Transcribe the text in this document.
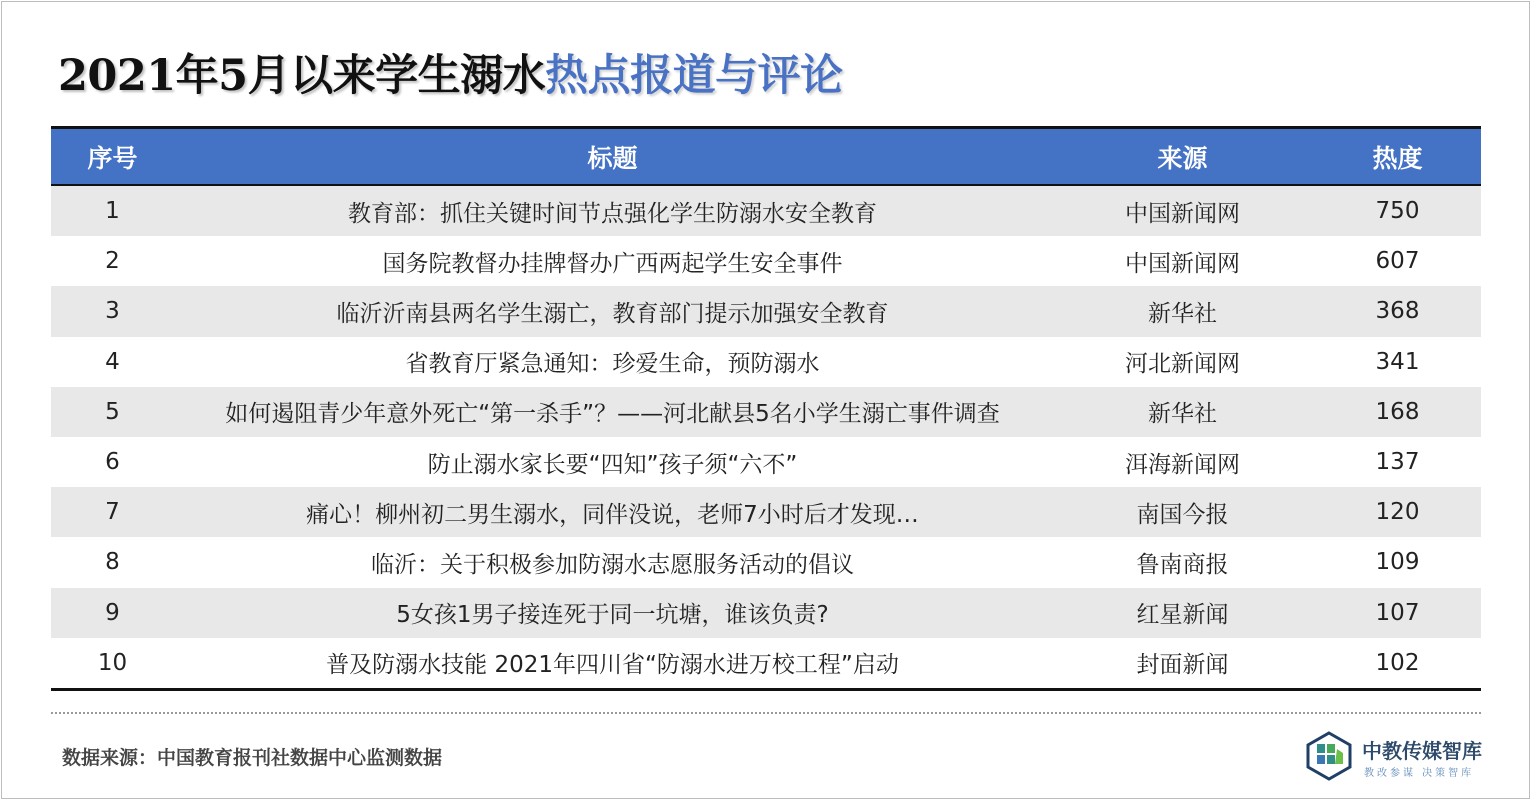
2021年5月以来学生溺水热点报道与评论
序号	标题	来源	热度
1	教育部：抓住关键时间节点强化学生防溺水安全教育	中国新闻网	750
2	国务院教督办挂牌督办广西两起学生安全事件	中国新闻网	607
3	临沂沂南县两名学生溺亡，教育部门提示加强安全教育	新华社	368
4	省教育厅紧急通知：珍爱生命，预防溺水	河北新闻网	341
5	如何遏阻青少年意外死亡“第一杀手”？——河北献县5名小学生溺亡事件调查	新华社	168
6	防止溺水家长要“四知”孩子须“六不”	洱海新闻网	137
7	痛心！柳州初二男生溺水，同伴没说，老师7小时后才发现…	南国今报	120
8	临沂：关于积极参加防溺水志愿服务活动的倡议	鲁南商报	109
9	5女孩1男子接连死于同一坑塘，谁该负责?	红星新闻	107
10	普及防溺水技能 2021年四川省“防溺水进万校工程”启动	封面新闻	102
数据来源：中国教育报刊社数据中心监测数据	中教传媒智库
教改参谋 决策智库
